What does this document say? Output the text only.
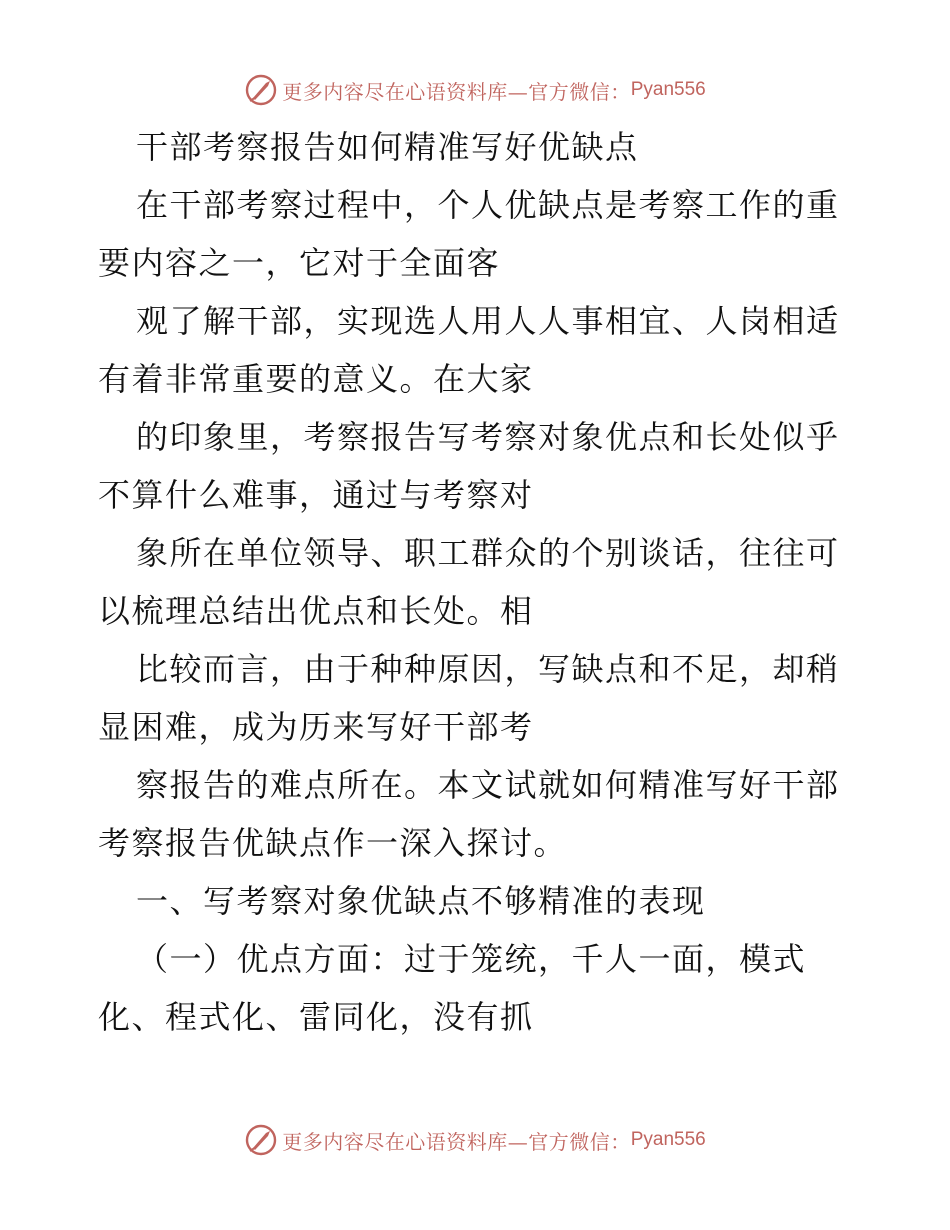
更多内容尽在心语资料库—官方微信： Pyan556

干部考察报告如何精准写好优缺点

在干部考察过程中，个人优缺点是考察工作的重
要内容之一，它对于全面客

观了解干部，实现选人用人人事相宜、人岗相适
有着非常重要的意义。在大家

的印象里，考察报告写考察对象优点和长处似乎
不算什么难事，通过与考察对

象所在单位领导、职工群众的个别谈话，往往可
以梳理总结出优点和长处。相

比较而言，由于种种原因，写缺点和不足，却稍
显困难，成为历来写好干部考

察报告的难点所在。本文试就如何精准写好干部
考察报告优缺点作一深入探讨。

一、写考察对象优缺点不够精准的表现

（一）优点方面：过于笼统，千人一面，模式
化、程式化、雷同化，没有抓

更多内容尽在心语资料库—官方微信： Pyan556
